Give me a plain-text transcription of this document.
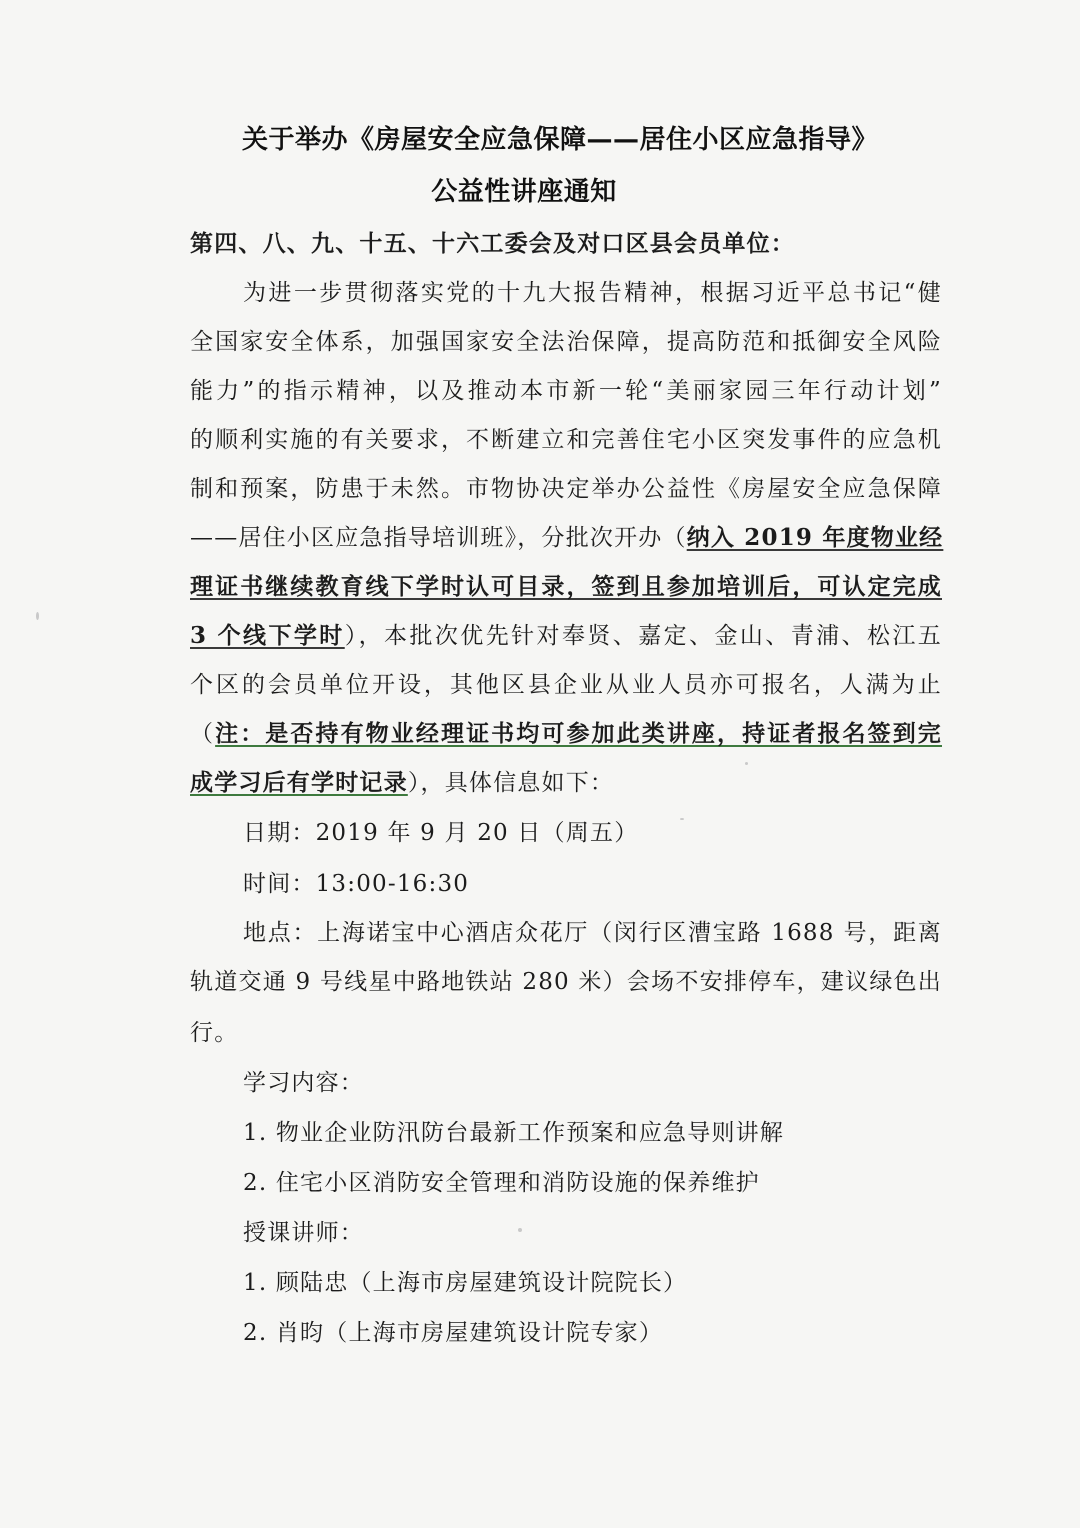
关于举办《房屋安全应急保障——居住小区应急指导》
公益性讲座通知
第四、八、九、十五、十六工委会及对口区县会员单位：
为进一步贯彻落实党的十九大报告精神，根据习近平总书记“健
全国家安全体系，加强国家安全法治保障，提高防范和抵御安全风险
能力”的指示精神，以及推动本市新一轮“美丽家园三年行动计划”
的顺利实施的有关要求，不断建立和完善住宅小区突发事件的应急机
制和预案，防患于未然。市物协决定举办公益性《房屋安全应急保障
——居住小区应急指导培训班》，分批次开办（纳入 2019 年度物业经
理证书继续教育线下学时认可目录，签到且参加培训后，可认定完成
3 个线下学时），本批次优先针对奉贤、嘉定、金山、青浦、松江五
个区的会员单位开设，其他区县企业从业人员亦可报名，人满为止
（注：是否持有物业经理证书均可参加此类讲座，持证者报名签到完
成学习后有学时记录），具体信息如下：
日期：2019 年 9 月 20 日（周五）
时间：13:00-16:30
地点：上海诺宝中心酒店众花厅（闵行区漕宝路 1688 号，距离
轨道交通 9 号线星中路地铁站 280 米）会场不安排停车，建议绿色出
行。
学习内容：
1. 物业企业防汛防台最新工作预案和应急导则讲解
2. 住宅小区消防安全管理和消防设施的保养维护
授课讲师：
1. 顾陆忠（上海市房屋建筑设计院院长）
2. 肖昀（上海市房屋建筑设计院专家）
